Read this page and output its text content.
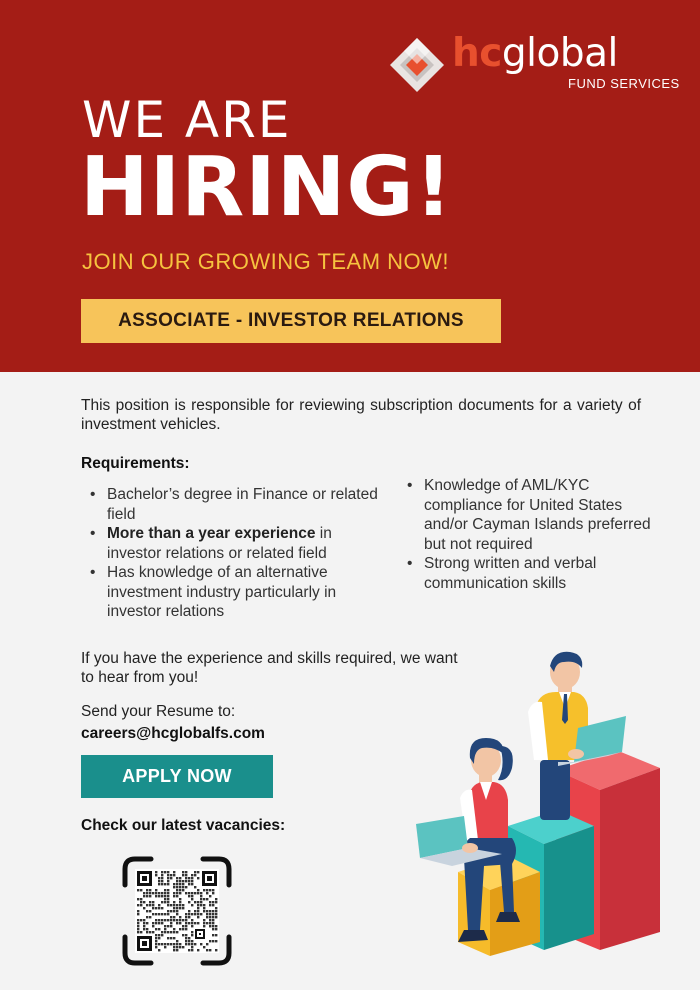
hcglobal
FUND SERVICES
WE ARE
HIRING!
JOIN OUR GROWING TEAM NOW!
ASSOCIATE - INVESTOR RELATIONS

This position is responsible for reviewing subscription documents for a variety of investment vehicles.

Requirements:
• Bachelor’s degree in Finance or related field
• More than a year experience in investor relations or related field
• Has knowledge of an alternative investment industry particularly in investor relations
• Knowledge of AML/KYC compliance for United States and/or Cayman Islands preferred but not required
• Strong written and verbal communication skills

If you have the experience and skills required, we want to hear from you!

Send your Resume to:
careers@hcglobalfs.com
APPLY NOW
Check our latest vacancies:
